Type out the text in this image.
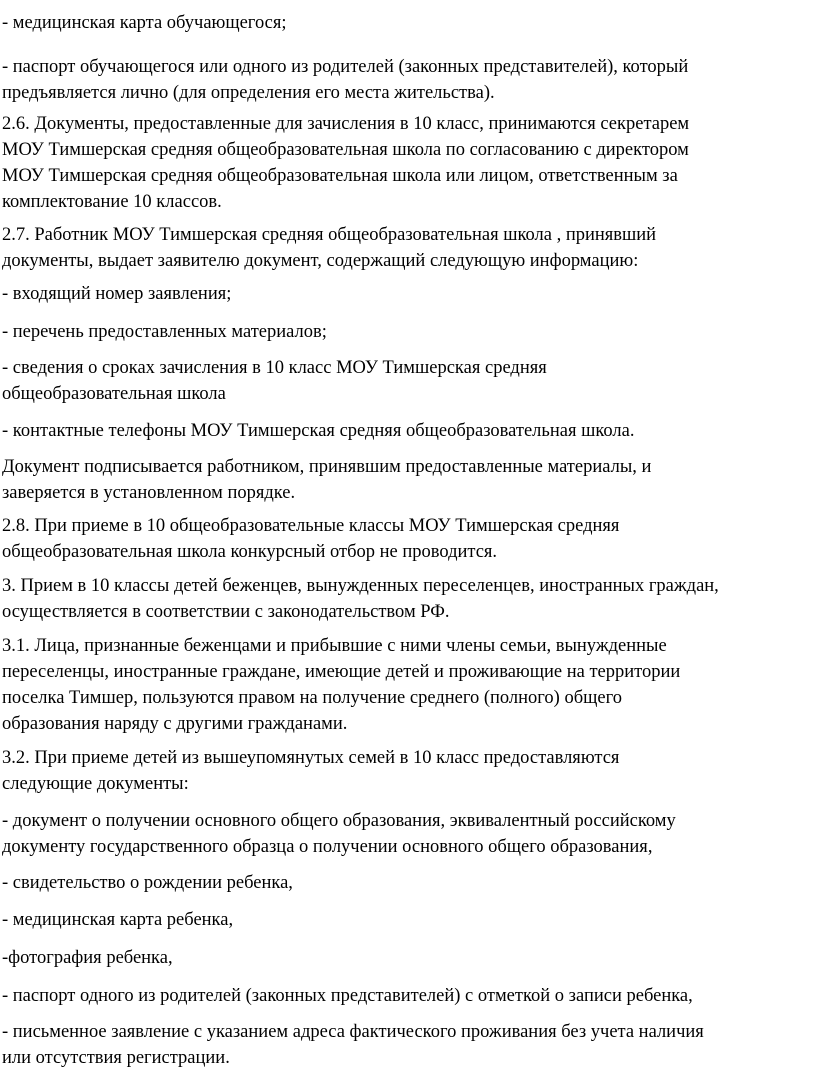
- медицинская карта обучающегося;

- паспорт обучающегося или одного из родителей (законных представителей), который
предъявляется лично (для определения его места жительства).

2.6. Документы, предоставленные для зачисления в 10 класс, принимаются секретарем
МОУ Тимшерская средняя общеобразовательная школа по согласованию с директором
МОУ Тимшерская средняя общеобразовательная школа или лицом, ответственным за
комплектование 10 классов.

2.7. Работник МОУ Тимшерская средняя общеобразовательная школа , принявший
документы, выдает заявителю документ, содержащий следующую информацию:

- входящий номер заявления;

- перечень предоставленных материалов;

- сведения о сроках зачисления в 10 класс МОУ Тимшерская средняя
общеобразовательная школа

- контактные телефоны МОУ Тимшерская средняя общеобразовательная школа.

Документ подписывается работником, принявшим предоставленные материалы, и
заверяется в установленном порядке.

2.8. При приеме в 10 общеобразовательные классы МОУ Тимшерская средняя
общеобразовательная школа конкурсный отбор не проводится.

3. Прием в 10 классы детей беженцев, вынужденных переселенцев, иностранных граждан,
осуществляется в соответствии с законодательством РФ.

3.1. Лица, признанные беженцами и прибывшие с ними члены семьи, вынужденные
переселенцы, иностранные граждане, имеющие детей и проживающие на территории
поселка Тимшер, пользуются правом на получение среднего (полного) общего
образования наряду с другими гражданами.

3.2. При приеме детей из вышеупомянутых семей в 10 класс предоставляются
следующие документы:

- документ о получении основного общего образования, эквивалентный российскому
документу государственного образца о получении основного общего образования,

- свидетельство о рождении ребенка,

- медицинская карта ребенка,

-фотография ребенка,

- паспорт одного из родителей (законных представителей) с отметкой о записи ребенка,

- письменное заявление с указанием адреса фактического проживания без учета наличия
или отсутствия регистрации.
